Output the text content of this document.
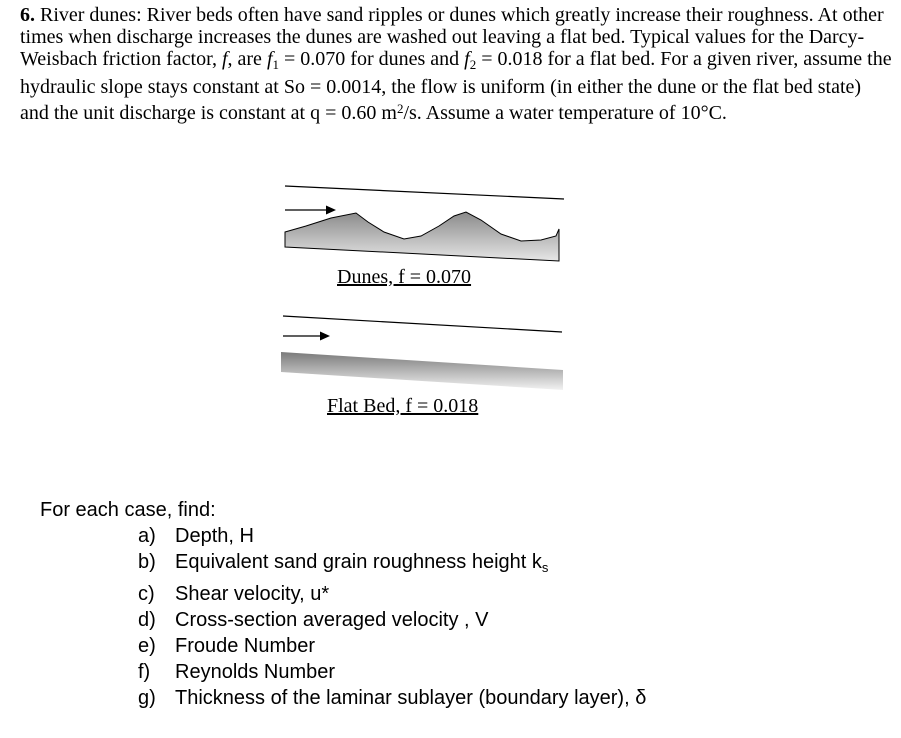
6. River dunes: River beds often have sand ripples or dunes which greatly increase their roughness. At other times when discharge increases the dunes are washed out leaving a flat bed. Typical values for the Darcy-Weisbach friction factor, f, are $f_1 = 0.070$ for dunes and $f_2 = 0.018$ for a flat bed. For a given river, assume the hydraulic slope stays constant at So = 0.0014, the flow is uniform (in either the dune or the flat bed state) and the unit discharge is constant at q = 0.60 $m^2/s$. Assume a water temperature of 10°C.

Dunes, f = 0.070
Flat Bed, f = 0.018
For each case, find:
a) Depth, H
b) Equivalent sand grain roughness height $k_s$
c) Shear velocity, u*
d) Cross-section averaged velocity , V
e) Froude Number
f) Reynolds Number
g) Thickness of the laminar sublayer (boundary layer), δ
